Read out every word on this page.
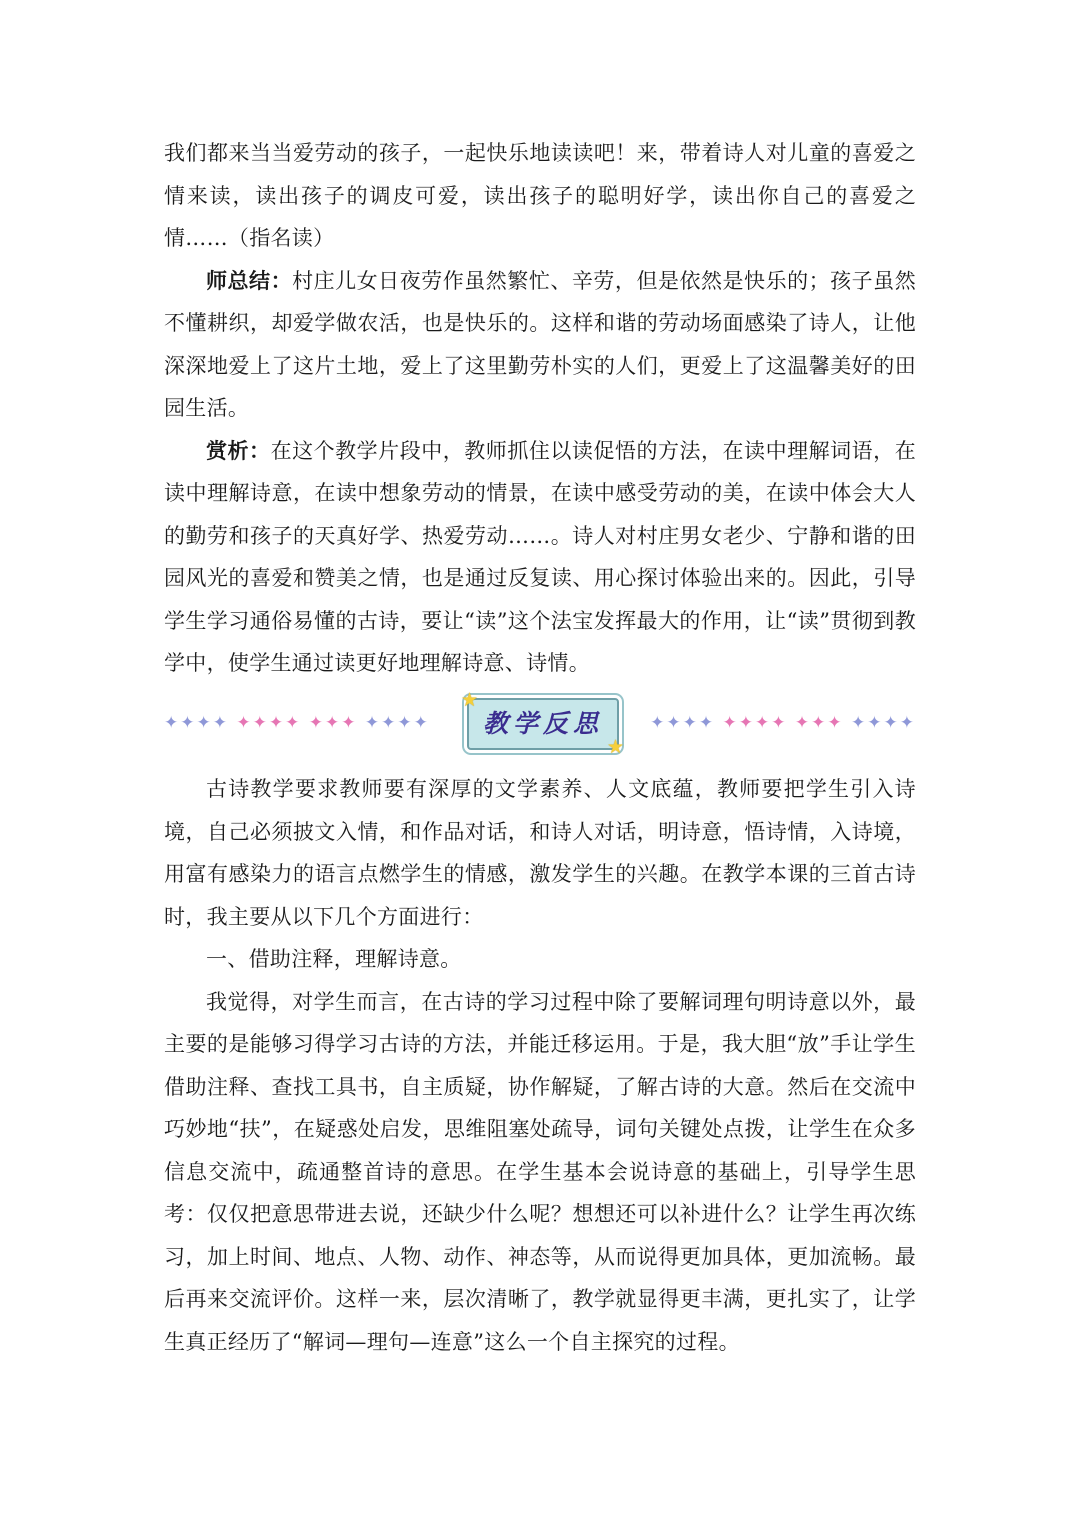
我们都来当当爱劳动的孩子，一起快乐地读读吧！来，带着诗人对儿童的喜爱之情来读，读出孩子的调皮可爱，读出孩子的聪明好学，读出你自己的喜爱之情……（指名读）

师总结：村庄儿女日夜劳作虽然繁忙、辛劳，但是依然是快乐的；孩子虽然不懂耕织，却爱学做农活，也是快乐的。这样和谐的劳动场面感染了诗人，让他深深地爱上了这片土地，爱上了这里勤劳朴实的人们，更爱上了这温馨美好的田园生活。

赏析：在这个教学片段中，教师抓住以读促悟的方法，在读中理解词语，在读中理解诗意，在读中想象劳动的情景，在读中感受劳动的美，在读中体会大人的勤劳和孩子的天真好学、热爱劳动……。诗人对村庄男女老少、宁静和谐的田园风光的喜爱和赞美之情，也是通过反复读、用心探讨体验出来的。因此，引导学生学习通俗易懂的古诗，要让“读”这个法宝发挥最大的作用，让“读”贯彻到教学中，使学生通过读更好地理解诗意、诗情。

✦✦✦✦ ✦✦✦✦ ✦✦✦ ✦✦✦✦	教学反思
★
★
✦✦✦✦ ✦✦✦✦ ✦✦✦ ✦✦✦✦

古诗教学要求教师要有深厚的文学素养、人文底蕴，教师要把学生引入诗境，自己必须披文入情，和作品对话，和诗人对话，明诗意，悟诗情，入诗境，用富有感染力的语言点燃学生的情感，激发学生的兴趣。在教学本课的三首古诗时，我主要从以下几个方面进行：

一、借助注释，理解诗意。

我觉得，对学生而言，在古诗的学习过程中除了要解词理句明诗意以外，最主要的是能够习得学习古诗的方法，并能迁移运用。于是，我大胆“放”手让学生借助注释、查找工具书，自主质疑，协作解疑，了解古诗的大意。然后在交流中巧妙地“扶”，在疑惑处启发，思维阻塞处疏导，词句关键处点拨，让学生在众多信息交流中，疏通整首诗的意思。在学生基本会说诗意的基础上，引导学生思考：仅仅把意思带进去说，还缺少什么呢？想想还可以补进什么？让学生再次练习，加上时间、地点、人物、动作、神态等，从而说得更加具体，更加流畅。最后再来交流评价。这样一来，层次清晰了，教学就显得更丰满，更扎实了，让学生真正经历了“解词—理句—连意”这么一个自主探究的过程。
